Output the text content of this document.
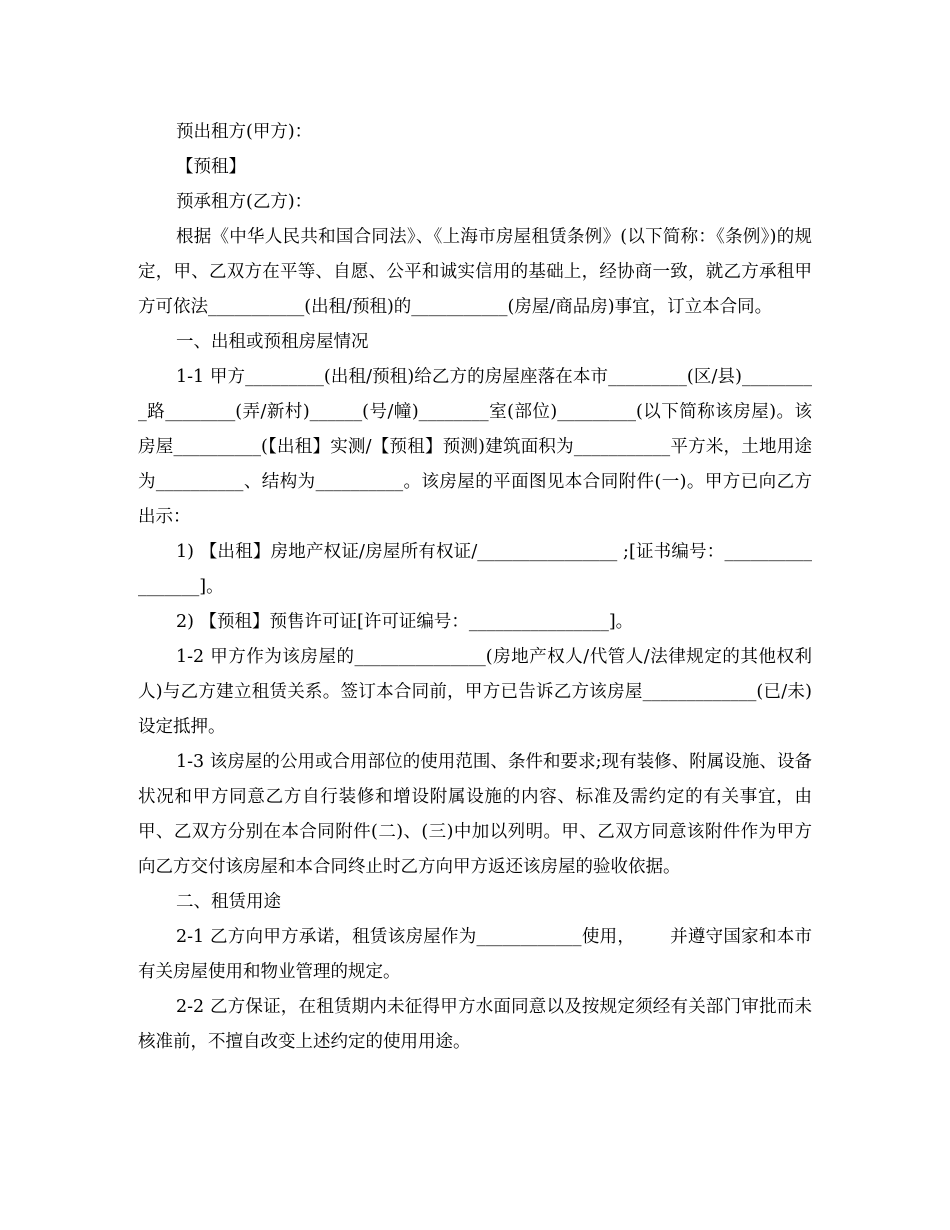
预出租方(甲方)：

【预租】

预承租方(乙方)：

根据《中华人民共和国合同法》、《上海市房屋租赁条例》(以下简称：《条例》)的规定，甲、乙双方在平等、自愿、公平和诚实信用的基础上，经协商一致，就乙方承租甲方可依法___________(出租/预租)的___________(房屋/商品房)事宜，订立本合同。

一、出租或预租房屋情况

1-1 甲方_________(出租/预租)给乙方的房屋座落在本市_________(区/县)_________路________(弄/新村)______(号/幢)________室(部位)_________(以下简称该房屋)。该房屋__________(【出租】实测/【预租】预测)建筑面积为___________平方米，土地用途为__________、结构为__________。该房屋的平面图见本合同附件(一)。甲方已向乙方出示：

1) 【出租】房地产权证/房屋所有权证/________________ ;[证书编号：_________________]。

2) 【预租】预售许可证[许可证编号：________________]。

1-2 甲方作为该房屋的_______________(房地产权人/代管人/法律规定的其他权利人)与乙方建立租赁关系。签订本合同前，甲方已告诉乙方该房屋_____________(已/未)设定抵押。

1-3 该房屋的公用或合用部位的使用范围、条件和要求;现有装修、附属设施、设备状况和甲方同意乙方自行装修和增设附属设施的内容、标准及需约定的有关事宜，由甲、乙双方分别在本合同附件(二)、(三)中加以列明。甲、乙双方同意该附件作为甲方向乙方交付该房屋和本合同终止时乙方向甲方返还该房屋的验收依据。

二、租赁用途

2-1 乙方向甲方承诺，租赁该房屋作为____________使用，      并遵守国家和本市有关房屋使用和物业管理的规定。

2-2 乙方保证，在租赁期内未征得甲方水面同意以及按规定须经有关部门审批而未核准前，不擅自改变上述约定的使用用途。
